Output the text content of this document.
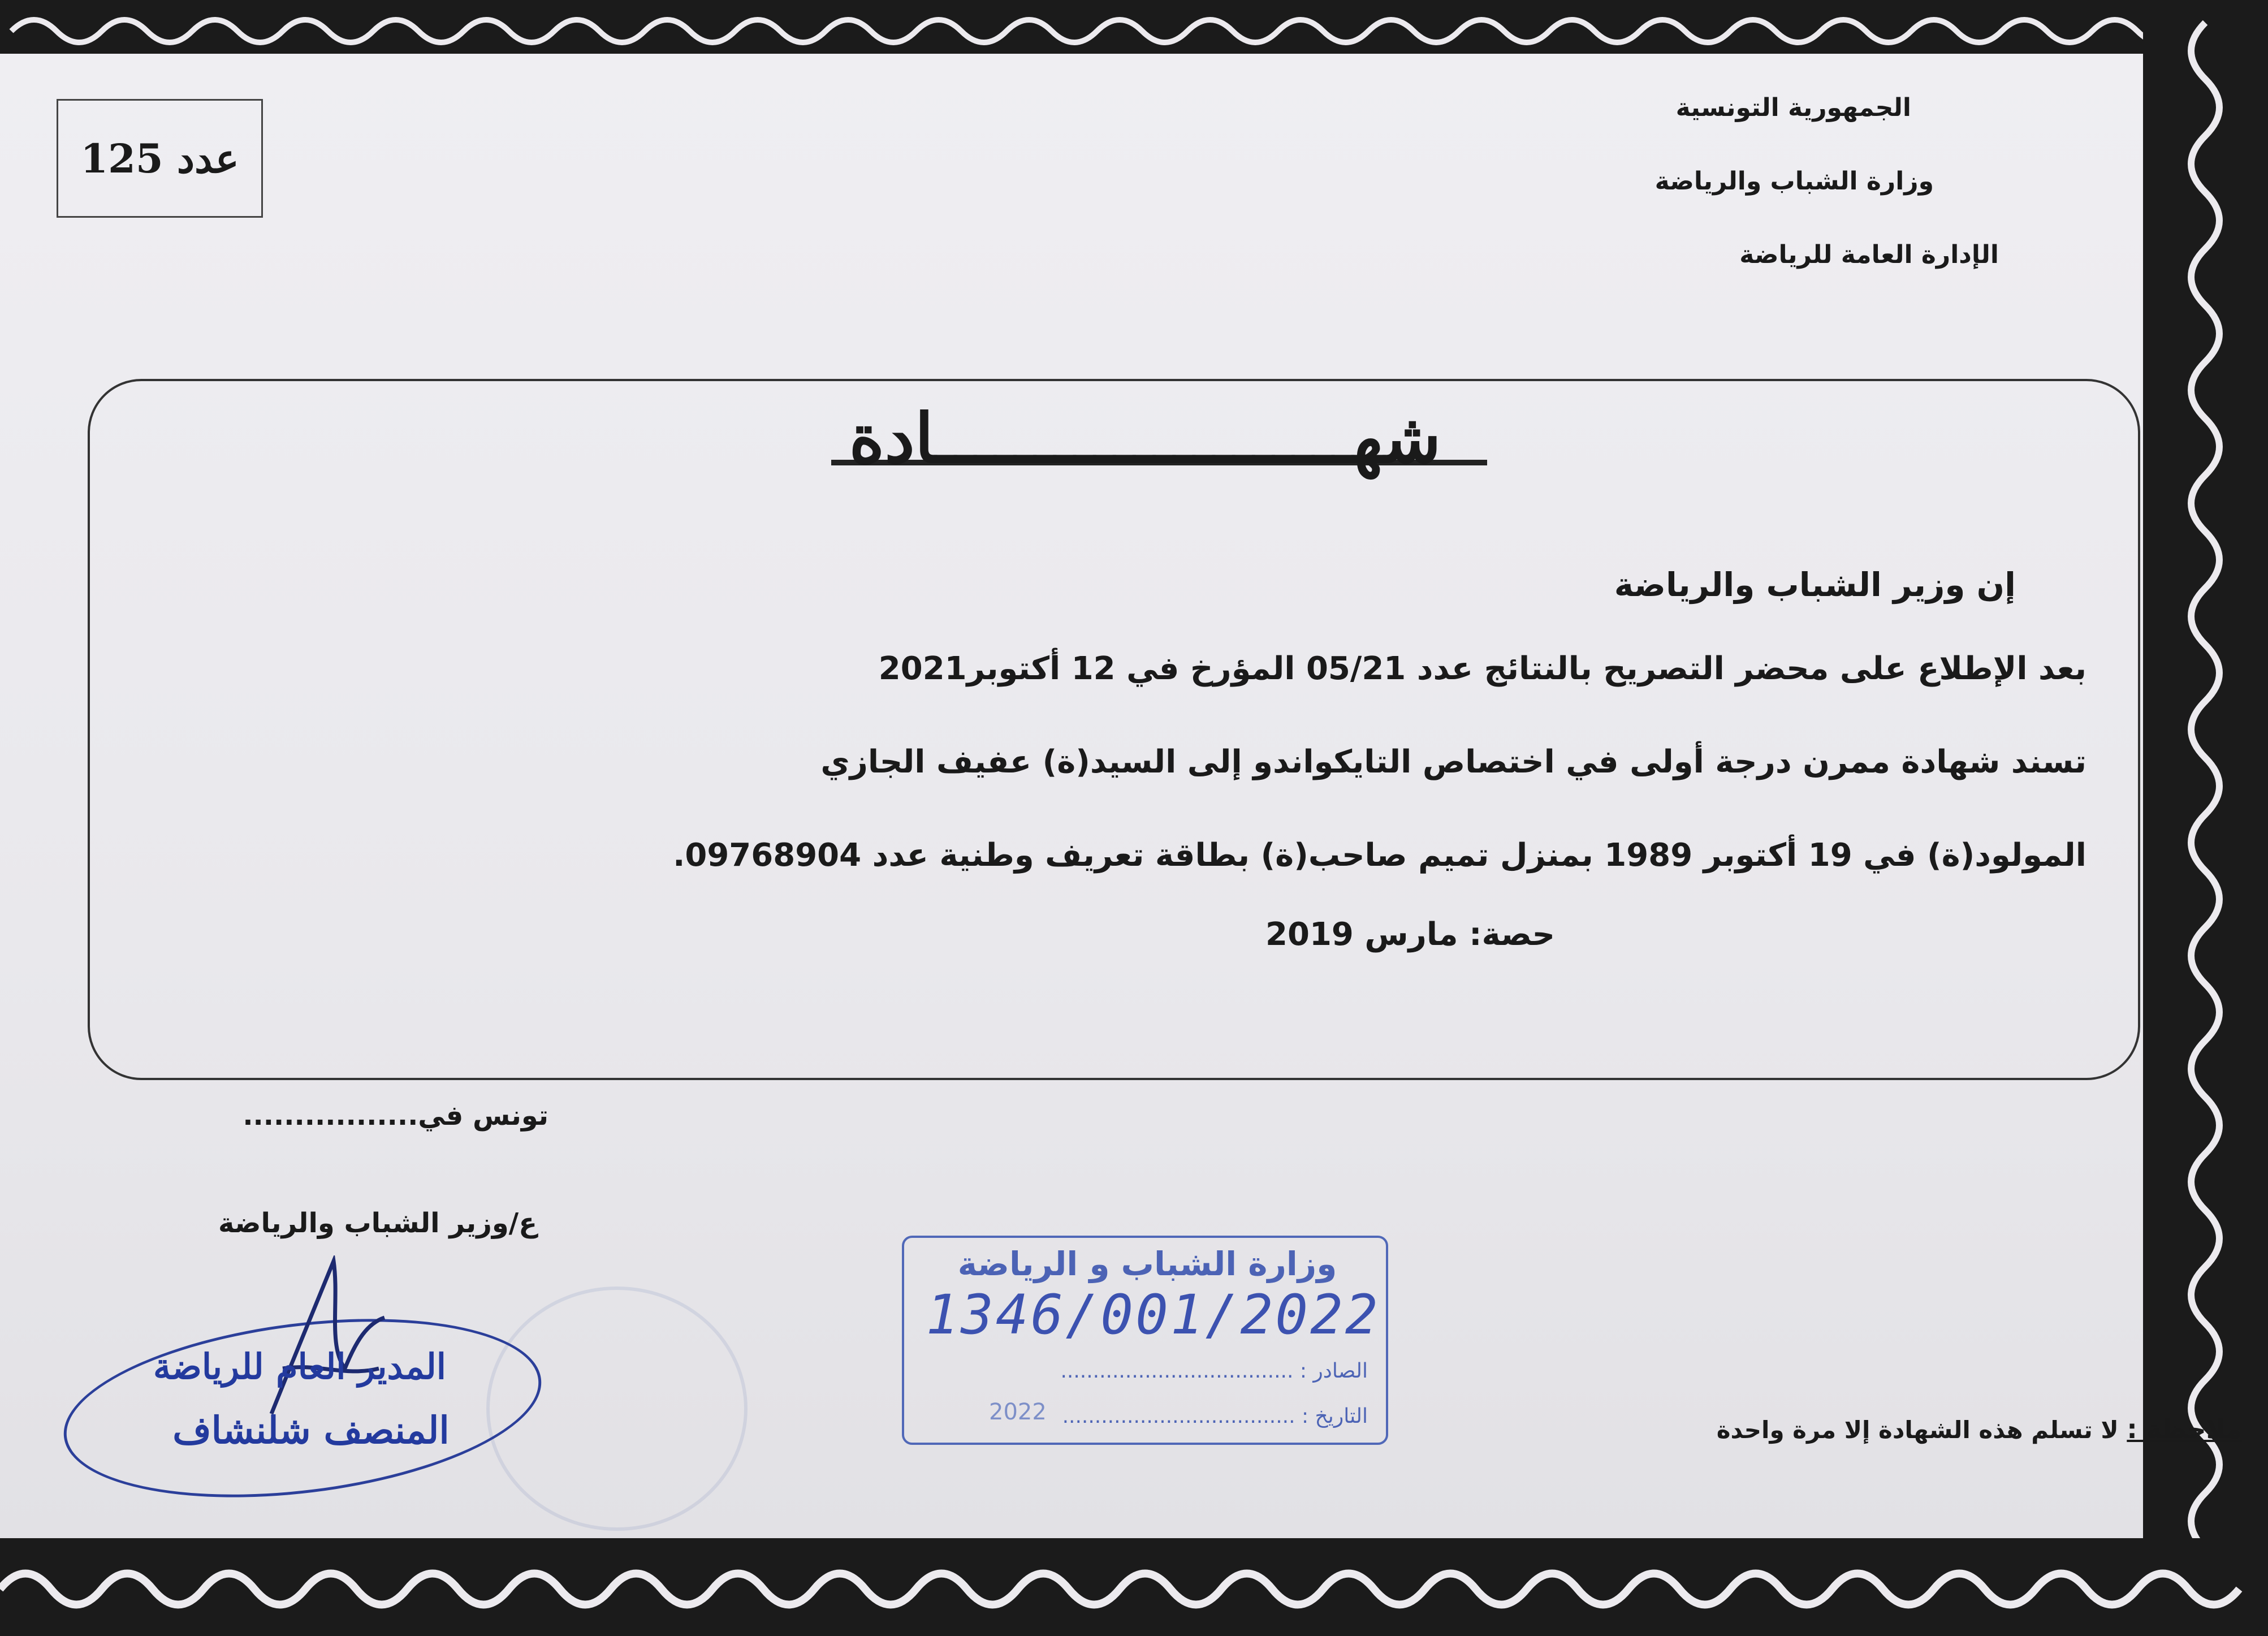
عدد 125
الجمهورية التونسية
وزارة الشباب والرياضة
الإدارة العامة للرياضة
شهـــــــــــــــــــــادة
إن وزير الشباب والرياضة
بعد الإطلاع على محضر التصريح بالنتائج عدد 05/21 المؤرخ في 12 أكتوبر2021
تسند شهادة ممرن درجة أولى في اختصاص التايكواندو إلى السيد(ة) عفيف الجازي
المولود(ة) في 19 أكتوبر 1989 بمنزل تميم صاحب(ة) بطاقة تعريف وطنية عدد 09768904.
حصة: مارس 2019
تونس في.................
ع/وزير الشباب والرياضة
المدير العام للرياضة
المنصف شلنشاف
وزارة الشباب و الرياضة
1346/001/2022
الصادر : ....................................
التاريخ : ....................................
2022
ملاحظة : لا تسلم هذه الشهادة إلا مرة واحدة
